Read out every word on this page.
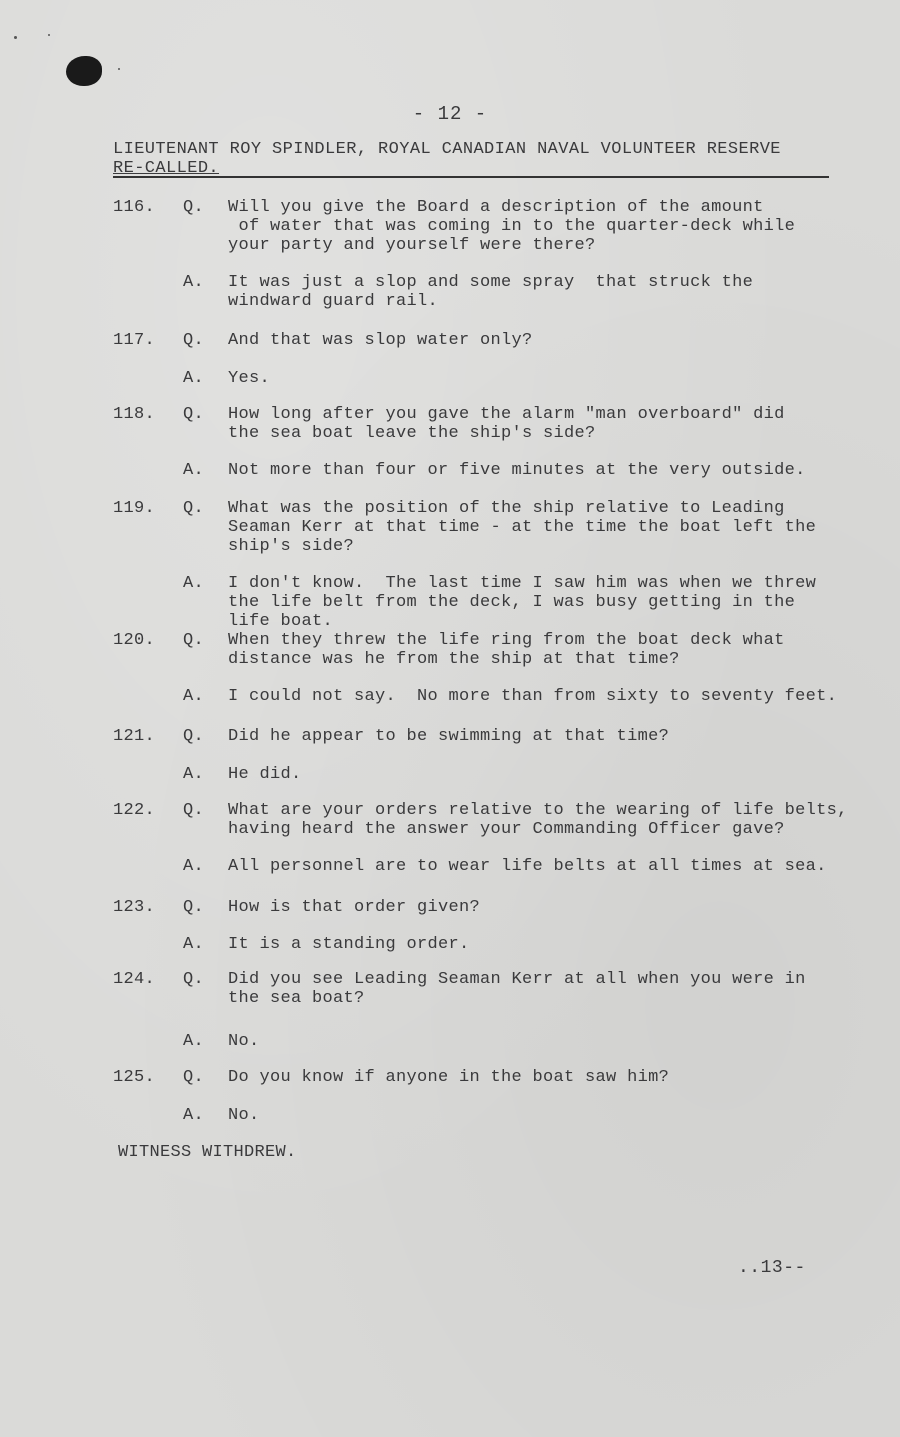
- 12 -
LIEUTENANT ROY SPINDLER, ROYAL CANADIAN NAVAL VOLUNTEER RESERVE
RE-CALLED.
116.	Q.	Will you give the Board a description of the amount
of water that was coming in to the quarter-deck while
your party and yourself were there?
A.	It was just a slop and some spray  that struck the
windward guard rail.
117.	Q.	And that was slop water only?
A.	Yes.
118.	Q.	How long after you gave the alarm "man overboard" did
the sea boat leave the ship's side?
A.	Not more than four or five minutes at the very outside.
119.	Q.	What was the position of the ship relative to Leading
Seaman Kerr at that time - at the time the boat left the
ship's side?
A.	I don't know.  The last time I saw him was when we threw
the life belt from the deck, I was busy getting in the
life boat.
120.	Q.	When they threw the life ring from the boat deck what
distance was he from the ship at that time?
A.	I could not say.  No more than from sixty to seventy feet.
121.	Q.	Did he appear to be swimming at that time?
A.	He did.
122.	Q.	What are your orders relative to the wearing of life belts,
having heard the answer your Commanding Officer gave?
A.	All personnel are to wear life belts at all times at sea.
123.	Q.	How is that order given?
A.	It is a standing order.
124.	Q.	Did you see Leading Seaman Kerr at all when you were in
the sea boat?
A.	No.
125.	Q.	Do you know if anyone in the boat saw him?
A.	No.
WITNESS WITHDREW.
..13--
